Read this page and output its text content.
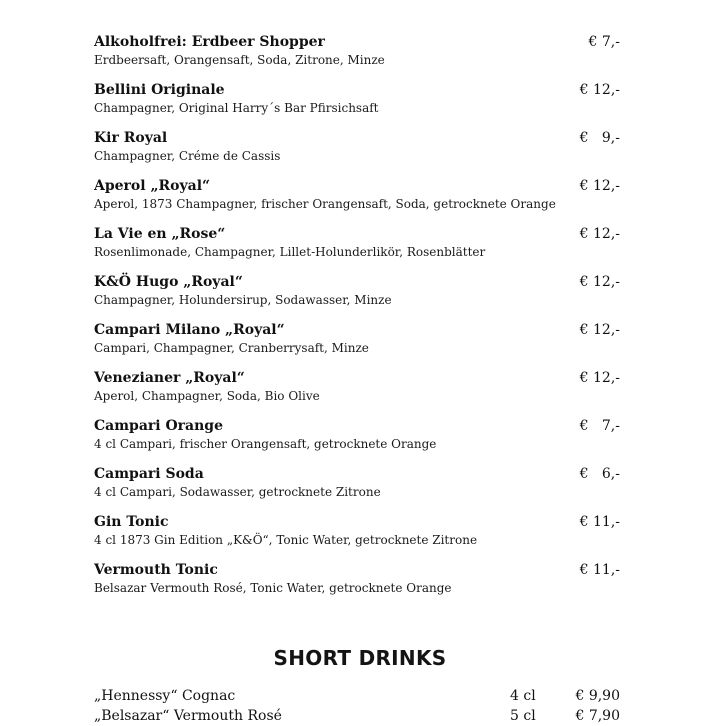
Alkoholfrei: Erdbeer Shopper
Erdbeersaft, Orangensaft, Soda, Zitrone, Minze
€ 7,-
Bellini Originale
Champagner, Original Harry´s Bar Pfirsichsaft
€ 12,-
Kir Royal
Champagner, Créme de Cassis
€   9,-
Aperol „Royal“
Aperol, 1873 Champagner, frischer Orangensaft, Soda, getrocknete Orange
€ 12,-
La Vie en „Rose“
Rosenlimonade, Champagner, Lillet-Holunderlikör, Rosenblätter
€ 12,-
K&Ö Hugo „Royal“
Champagner, Holundersirup, Sodawasser, Minze
€ 12,-
Campari Milano „Royal“
Campari, Champagner, Cranberrysaft, Minze
€ 12,-
Venezianer „Royal“
Aperol, Champagner, Soda, Bio Olive
€ 12,-
Campari Orange
4 cl Campari, frischer Orangensaft, getrocknete Orange
€   7,-
Campari Soda
4 cl Campari, Sodawasser, getrocknete Zitrone
€   6,-
Gin Tonic
4 cl 1873 Gin Edition „K&Ö“, Tonic Water, getrocknete Zitrone
€ 11,-
Vermouth Tonic
Belsazar Vermouth Rosé, Tonic Water, getrocknete Orange
€ 11,-
SHORT DRINKS
„Hennessy“ Cognac	4 cl	€ 9,90
„Belsazar“ Vermouth Rosé	5 cl	€ 7,90
